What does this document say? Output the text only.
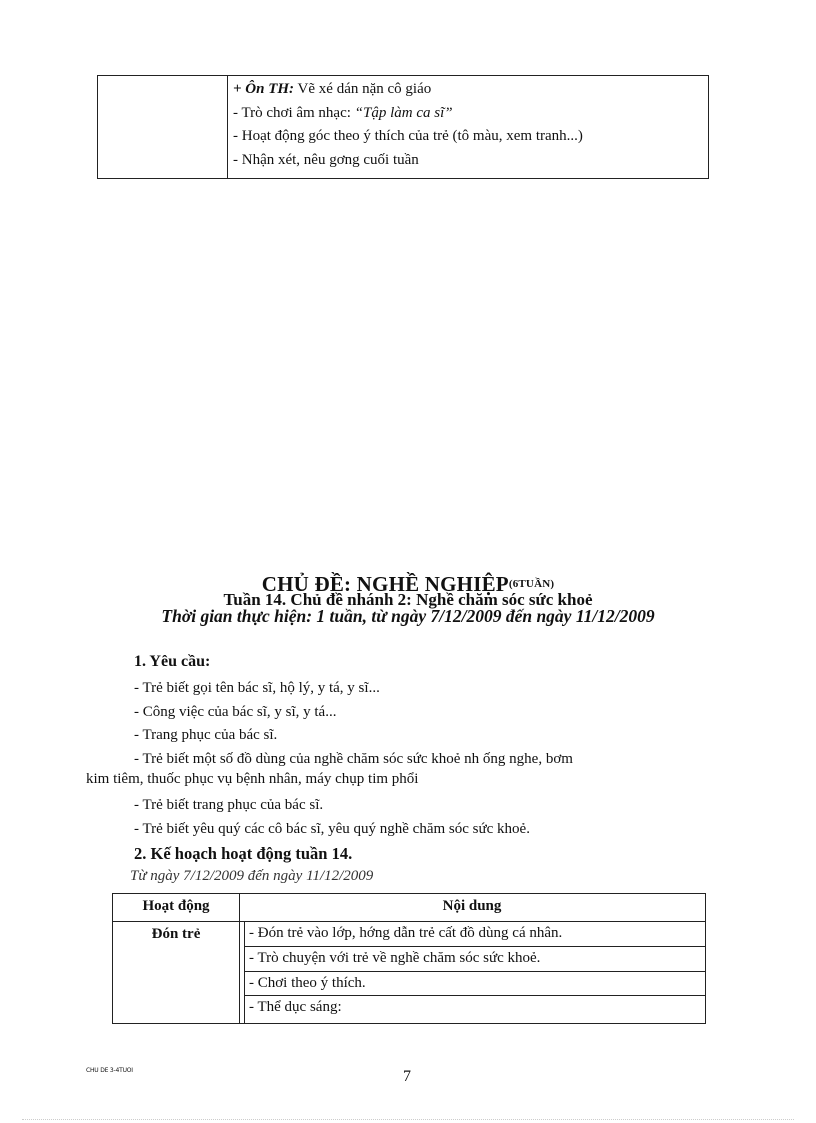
+ Ôn TH: Vẽ xé dán nặn cô giáo
- Trò chơi âm nhạc: “Tập làm ca sĩ”
- Hoạt động góc theo ý thích của trẻ (tô màu, xem tranh...)
- Nhận xét, nêu gơng cuối tuần
CHỦ ĐỀ: NGHỀ NGHIỆP(6TUẦN)
Tuần 14. Chủ đề nhánh 2: Nghề chăm sóc sức khoẻ
Thời gian thực hiện: 1 tuần, từ ngày 7/12/2009 đến ngày 11/12/2009
1. Yêu cầu:
- Trẻ biết gọi tên bác sĩ, hộ lý, y tá, y sĩ...
- Công việc của bác sĩ, y sĩ, y tá...
- Trang phục của bác sĩ.
- Trẻ biết một số đồ dùng của nghề chăm sóc sức khoẻ nh ống nghe, bơm
kim tiêm, thuốc phục vụ bệnh nhân, máy chụp tim phổi
- Trẻ biết trang phục của bác sĩ.
- Trẻ biết yêu quý các cô bác sĩ, yêu quý nghề chăm sóc sức khoẻ.
2. Kế hoạch hoạt động tuần 14.
Từ ngày 7/12/2009 đến ngày 11/12/2009
Hoạt động	Nội dung
Đón trẻ	- Đón trẻ vào lớp, hớng dẫn trẻ cất đồ dùng cá nhân.
- Trò chuyện với trẻ về nghề chăm sóc sức khoẻ.
- Chơi theo ý thích.
- Thể dục sáng:
CHU DE 3-4TUOI	7
